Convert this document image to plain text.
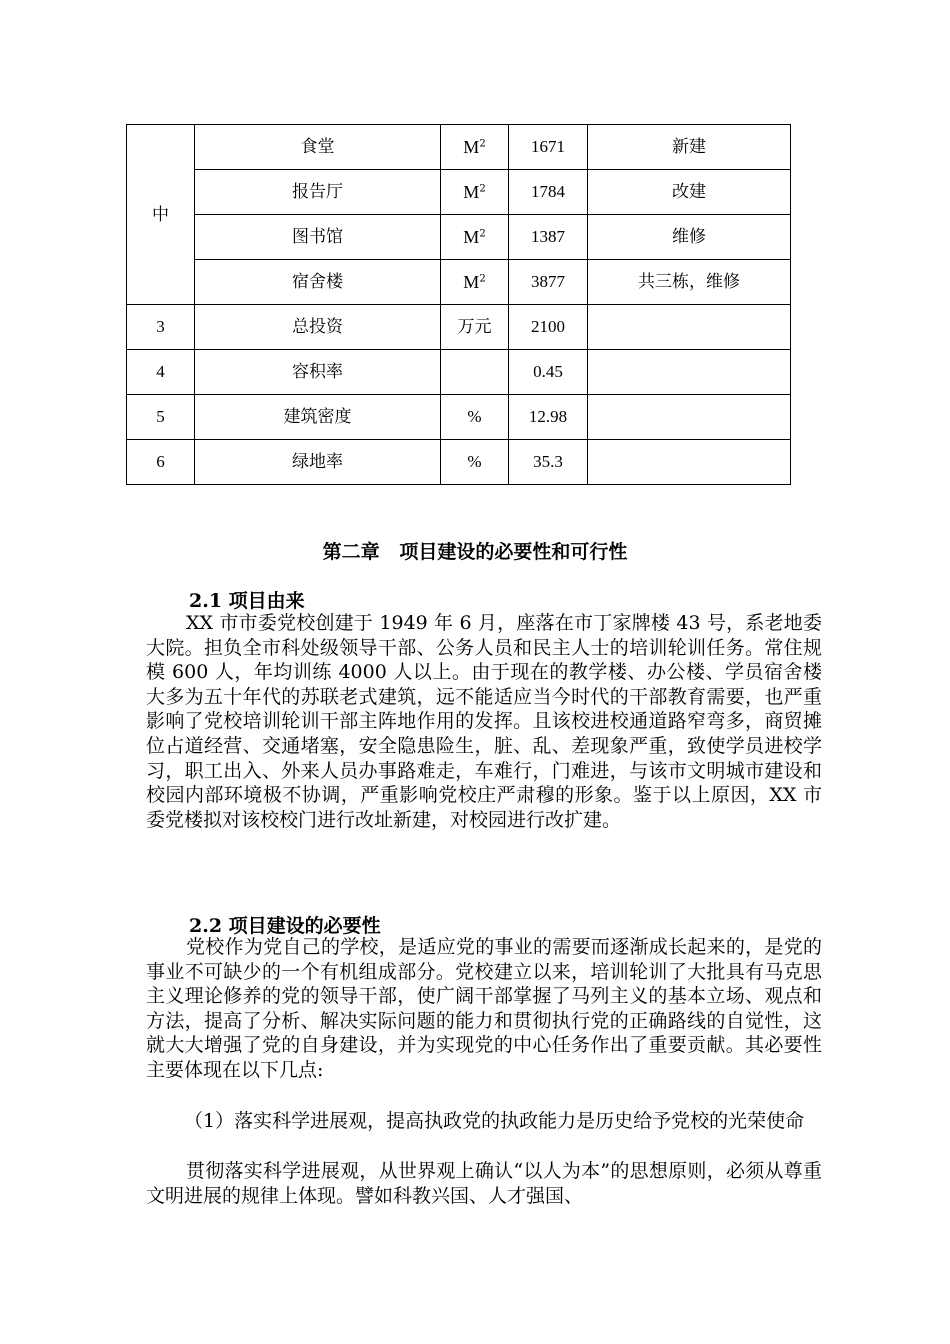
中	食堂	$M^2$	1671	新建
	报告厅	$M^2$	1784	改建
	图书馆	$M^2$	1387	维修
	宿舍楼	$M^2$	3877	共三栋，维修
3	总投资	万元	2100	
4	容积率		0.45	
5	建筑密度	%	12.98	
6	绿地率	%	35.3	
第二章   项目建设的必要性和可行性
2.1 项目由来

XX 市市委党校创建于 1949 年 6 月，座落在市丁家牌楼 43 号，系老地委大院。担负全市科处级领导干部、公务人员和民主人士的培训轮训任务。常住规模 600 人，年均训练 4000 人以上。由于现在的教学楼、办公楼、学员宿舍楼大多为五十年代的苏联老式建筑，远不能适应当今时代的干部教育需要，也严重影响了党校培训轮训干部主阵地作用的发挥。且该校进校通道路窄弯多，商贸摊位占道经营、交通堵塞，安全隐患险生，脏、乱、差现象严重，致使学员进校学习，职工出入、外来人员办事路难走，车难行，门难进，与该市文明城市建设和校园内部环境极不协调，严重影响党校庄严肃穆的形象。鉴于以上原因，XX 市委党楼拟对该校校门进行改址新建，对校园进行改扩建。

2.2 项目建设的必要性

党校作为党自己的学校，是适应党的事业的需要而逐渐成长起来的，是党的事业不可缺少的一个有机组成部分。党校建立以来，培训轮训了大批具有马克思主义理论修养的党的领导干部，使广阔干部掌握了马列主义的基本立场、观点和方法，提高了分析、解决实际问题的能力和贯彻执行党的正确路线的自觉性，这就大大增强了党的自身建设，并为实现党的中心任务作出了重要贡献。其必要性主要体现在以下几点:

（1）落实科学进展观，提高执政党的执政能力是历史给予党校的光荣使命

贯彻落实科学进展观，从世界观上确认“以人为本”的思想原则，必须从尊重文明进展的规律上体现。譬如科教兴国、人才强国、
